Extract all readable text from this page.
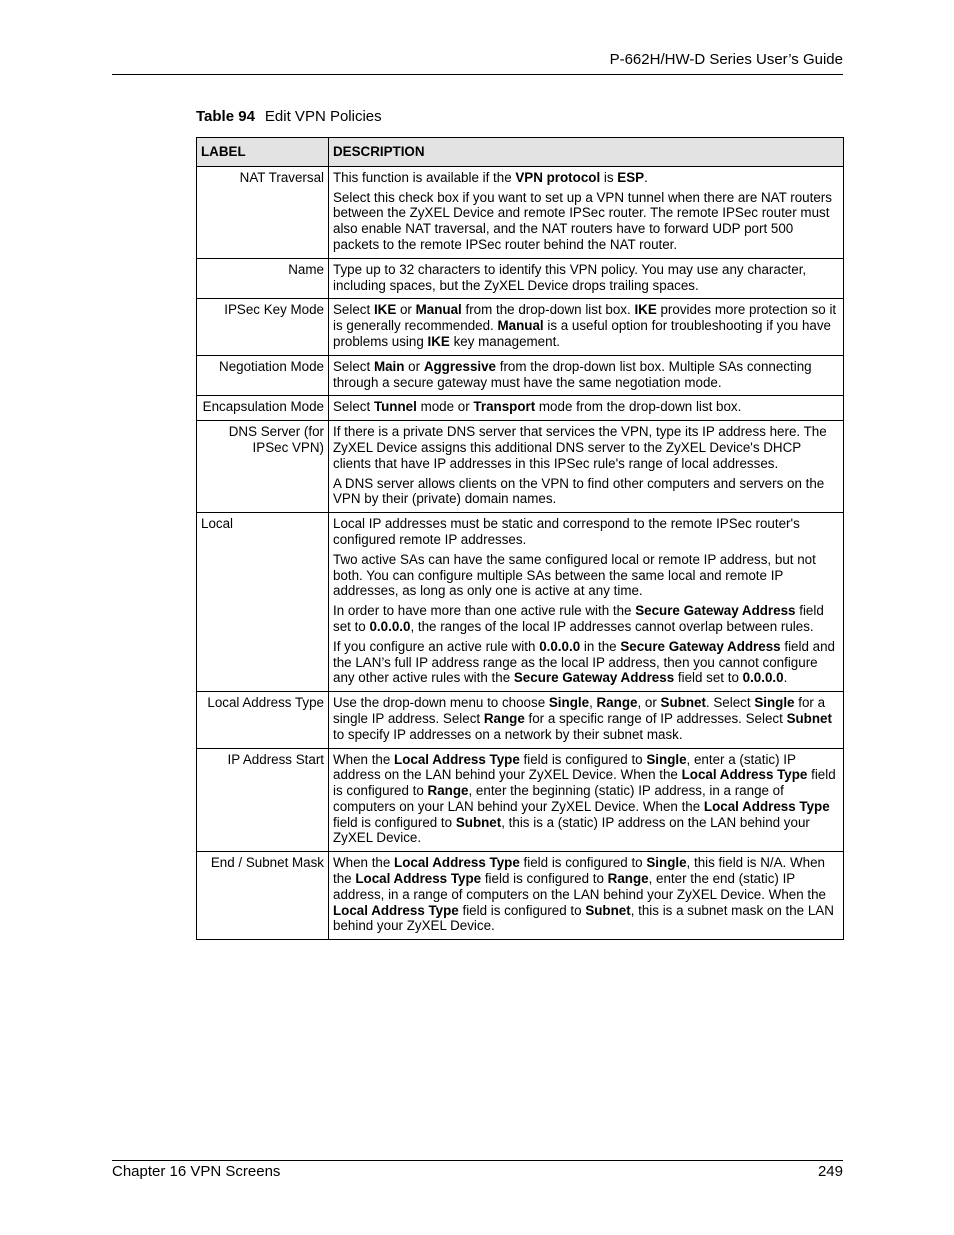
P-662H/HW-D Series User’s Guide
Table 94 Edit VPN Policies
LABEL	DESCRIPTION
NAT Traversal	This function is available if the VPN protocol is ESP.

Select this check box if you want to set up a VPN tunnel when there are NAT routers between the ZyXEL Device and remote IPSec router. The remote IPSec router must also enable NAT traversal, and the NAT routers have to forward UDP port 500 packets to the remote IPSec router behind the NAT router.

Name	Type up to 32 characters to identify this VPN policy. You may use any character, including spaces, but the ZyXEL Device drops trailing spaces.

IPSec Key Mode	Select IKE or Manual from the drop-down list box. IKE provides more protection so it is generally recommended. Manual is a useful option for troubleshooting if you have problems using IKE key management.

Negotiation Mode	Select Main or Aggressive from the drop-down list box. Multiple SAs connecting through a secure gateway must have the same negotiation mode.

Encapsulation Mode	Select Tunnel mode or Transport mode from the drop-down list box.

DNS Server (for IPSec VPN)	If there is a private DNS server that services the VPN, type its IP address here. The ZyXEL Device assigns this additional DNS server to the ZyXEL Device's DHCP clients that have IP addresses in this IPSec rule's range of local addresses.

A DNS server allows clients on the VPN to find other computers and servers on the VPN by their (private) domain names.

Local	Local IP addresses must be static and correspond to the remote IPSec router's configured remote IP addresses.

Two active SAs can have the same configured local or remote IP address, but not both. You can configure multiple SAs between the same local and remote IP addresses, as long as only one is active at any time.

In order to have more than one active rule with the Secure Gateway Address field set to 0.0.0.0, the ranges of the local IP addresses cannot overlap between rules.

If you configure an active rule with 0.0.0.0 in the Secure Gateway Address field and the LAN’s full IP address range as the local IP address, then you cannot configure any other active rules with the Secure Gateway Address field set to 0.0.0.0.

Local Address Type	Use the drop-down menu to choose Single, Range, or Subnet. Select Single for a single IP address. Select Range for a specific range of IP addresses. Select Subnet to specify IP addresses on a network by their subnet mask.

IP Address Start	When the Local Address Type field is configured to Single, enter a (static) IP address on the LAN behind your ZyXEL Device. When the Local Address Type field is configured to Range, enter the beginning (static) IP address, in a range of computers on your LAN behind your ZyXEL Device. When the Local Address Type field is configured to Subnet, this is a (static) IP address on the LAN behind your ZyXEL Device.

End / Subnet Mask	When the Local Address Type field is configured to Single, this field is N/A. When the Local Address Type field is configured to Range, enter the end (static) IP address, in a range of computers on the LAN behind your ZyXEL Device. When the Local Address Type field is configured to Subnet, this is a subnet mask on the LAN behind your ZyXEL Device.

Chapter 16 VPN Screens	249
